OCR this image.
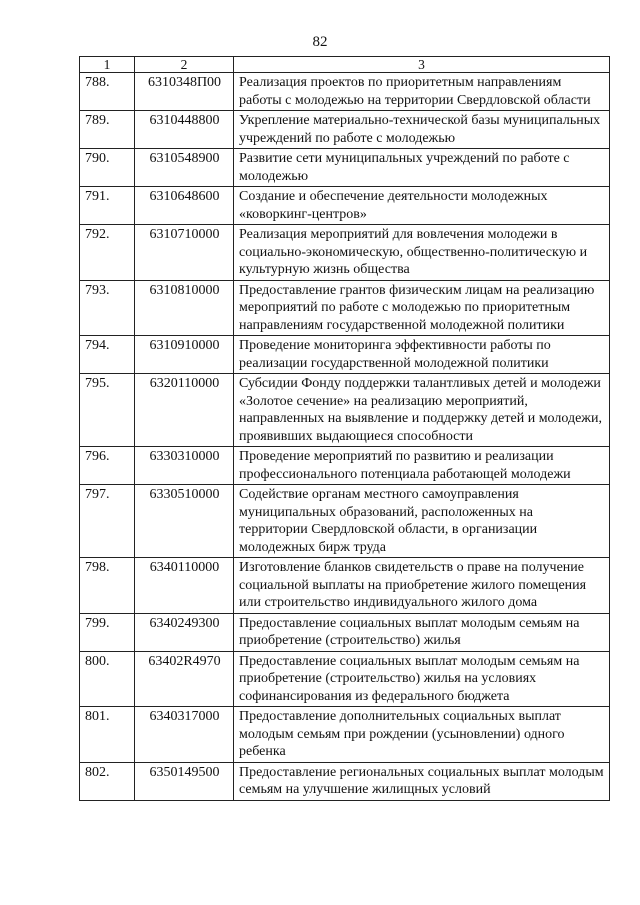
82
1	2	3
788.	6310348П00	Реализация проектов по приоритетным направлениям работы с молодежью на территории Свердловской области
789.	6310448800	Укрепление материально-технической базы муниципальных учреждений по работе с молодежью
790.	6310548900	Развитие сети муниципальных учреждений по работе с молодежью
791.	6310648600	Создание и обеспечение деятельности молодежных «коворкинг-центров»
792.	6310710000	Реализация мероприятий для вовлечения молодежи в социально-экономическую, общественно-политическую и культурную жизнь общества
793.	6310810000	Предоставление грантов физическим лицам на реализацию мероприятий по работе с молодежью по приоритетным направлениям государственной молодежной политики
794.	6310910000	Проведение мониторинга эффективности работы по реализации государственной молодежной политики
795.	6320110000	Субсидии Фонду поддержки талантливых детей и молодежи «Золотое сечение» на реализацию мероприятий, направленных на выявление и поддержку детей и молодежи, проявивших выдающиеся способности
796.	6330310000	Проведение мероприятий по развитию и реализации профессионального потенциала работающей молодежи
797.	6330510000	Содействие органам местного самоуправления муниципальных образований, расположенных на территории Свердловской области, в организации молодежных бирж труда
798.	6340110000	Изготовление бланков свидетельств о праве на получение социальной выплаты на приобретение жилого помещения или строительство индивидуального жилого дома
799.	6340249300	Предоставление социальных выплат молодым семьям на приобретение (строительство) жилья
800.	63402R4970	Предоставление социальных выплат молодым семьям на приобретение (строительство) жилья на условиях софинансирования из федерального бюджета
801.	6340317000	Предоставление дополнительных социальных выплат молодым семьям при рождении (усыновлении) одного ребенка
802.	6350149500	Предоставление региональных социальных выплат молодым семьям на улучшение жилищных условий
